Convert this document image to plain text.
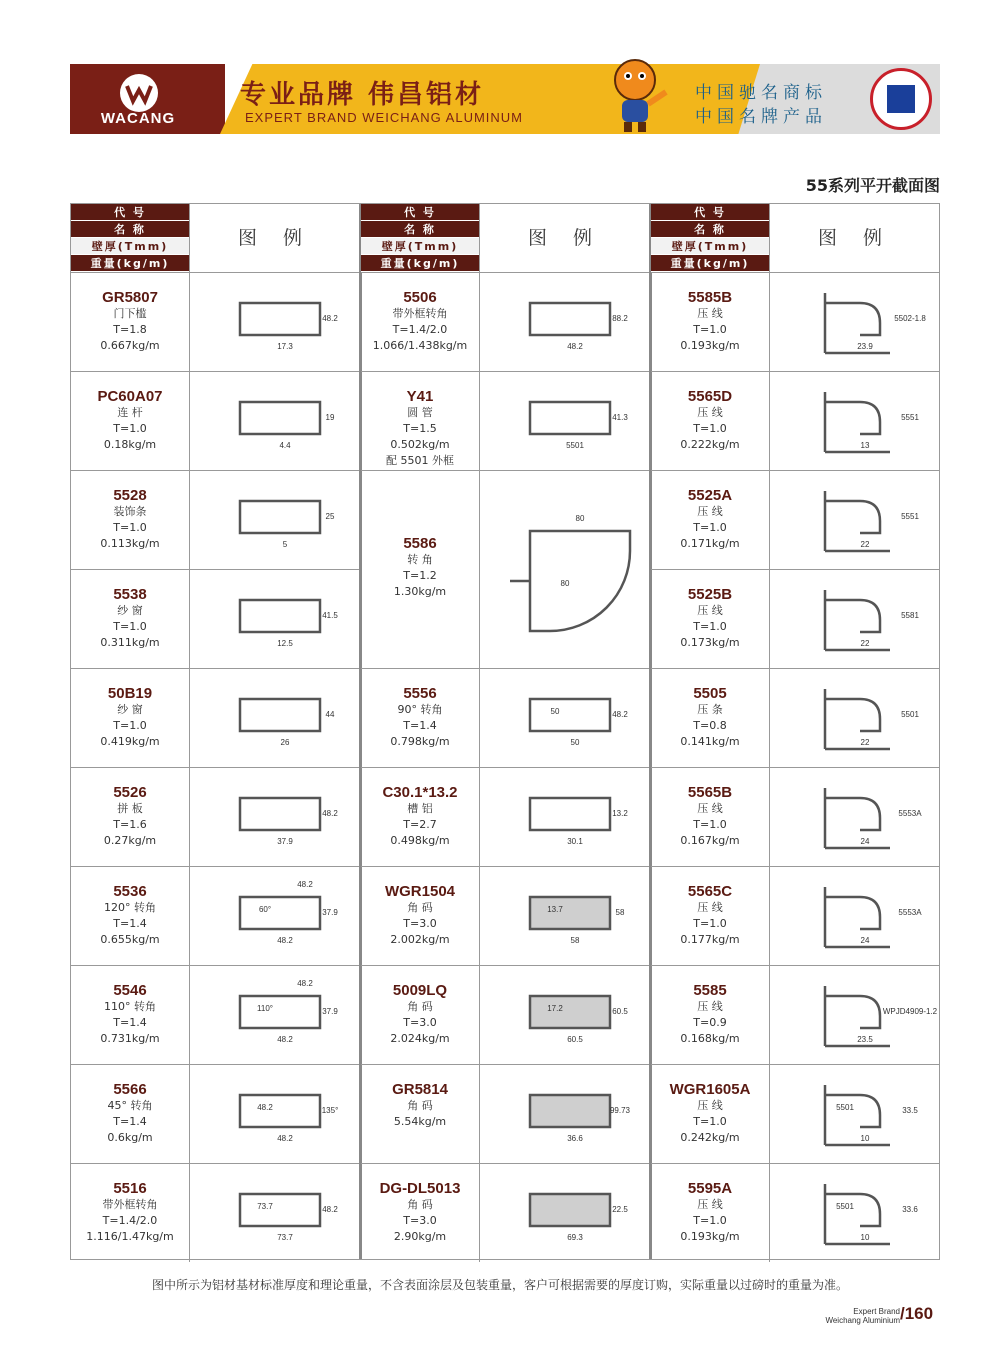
WACANG
专业品牌 伟昌铝材
EXPERT BRAND WEICHANG ALUMINUM
中国驰名商标
中国名牌产品
55系列平开截面图
代 号
名 称
壁厚(Tmm)
重量(kg/m)
图 例
GR5807
门下槛
T=1.8
0.667kg/m	17.3
48.2
PC60A07
连 杆
T=1.0
0.18kg/m	4.4
19
5528
装饰条
T=1.0
0.113kg/m	5
25
5538
纱 窗
T=1.0
0.311kg/m	12.5
41.5
50B19
纱 窗
T=1.0
0.419kg/m	26
44
5526
拼 板
T=1.6
0.27kg/m	37.9
48.2
5536
120° 转角
T=1.4
0.655kg/m	48.2
37.9
60°
48.2
5546
110° 转角
T=1.4
0.731kg/m	48.2
37.9
110°
48.2
5566
45° 转角
T=1.4
0.6kg/m	48.2
135°
48.2
5516
带外框转角
T=1.4/2.0
1.116/1.47kg/m	73.7
48.2
73.7
代 号
名 称
壁厚(Tmm)
重量(kg/m)
图 例
5506
带外框转角
T=1.4/2.0
1.066/1.438kg/m	48.2
88.2
Y41
圆 管
T=1.5
0.502kg/m
配 5501 外框
5501
41.3
5586
转 角
T=1.2
1.30kg/m
80
80
5556
90° 转角
T=1.4
0.798kg/m	50
48.2
50
C30.1*13.2
槽 铝
T=2.7
0.498kg/m	30.1
13.2
WGR1504
角 码
T=3.0
2.002kg/m	58
58
13.7
5009LQ
角 码
T=3.0
2.024kg/m	60.5
60.5
17.2
GR5814
角 码
5.54kg/m
36.6
99.73
DG-DL5013
角 码
T=3.0
2.90kg/m	69.3
22.5
代 号
名 称
壁厚(Tmm)
重量(kg/m)
图 例
5585B
压 线
T=1.0
0.193kg/m	23.9
5502-1.8
5565D
压 线
T=1.0
0.222kg/m	13
5551
5525A
压 线
T=1.0
0.171kg/m	22
5551
5525B
压 线
T=1.0
0.173kg/m	22
5581
5505
压 条
T=0.8
0.141kg/m	22
5501
5565B
压 线
T=1.0
0.167kg/m	24
5553A
5565C
压 线
T=1.0
0.177kg/m	24
5553A
5585
压 线
T=0.9
0.168kg/m	23.5
WPJD4909-1.2
WGR1605A
压 线
T=1.0
0.242kg/m	10
33.5
5501
5595A
压 线
T=1.0
0.193kg/m	10
33.6
5501
图中所示为铝材基材标准厚度和理论重量，不含表面涂层及包装重量，客户可根据需要的厚度订购，实际重量以过磅时的重量为准。
Expert Brand
Weichang Aluminium /160
